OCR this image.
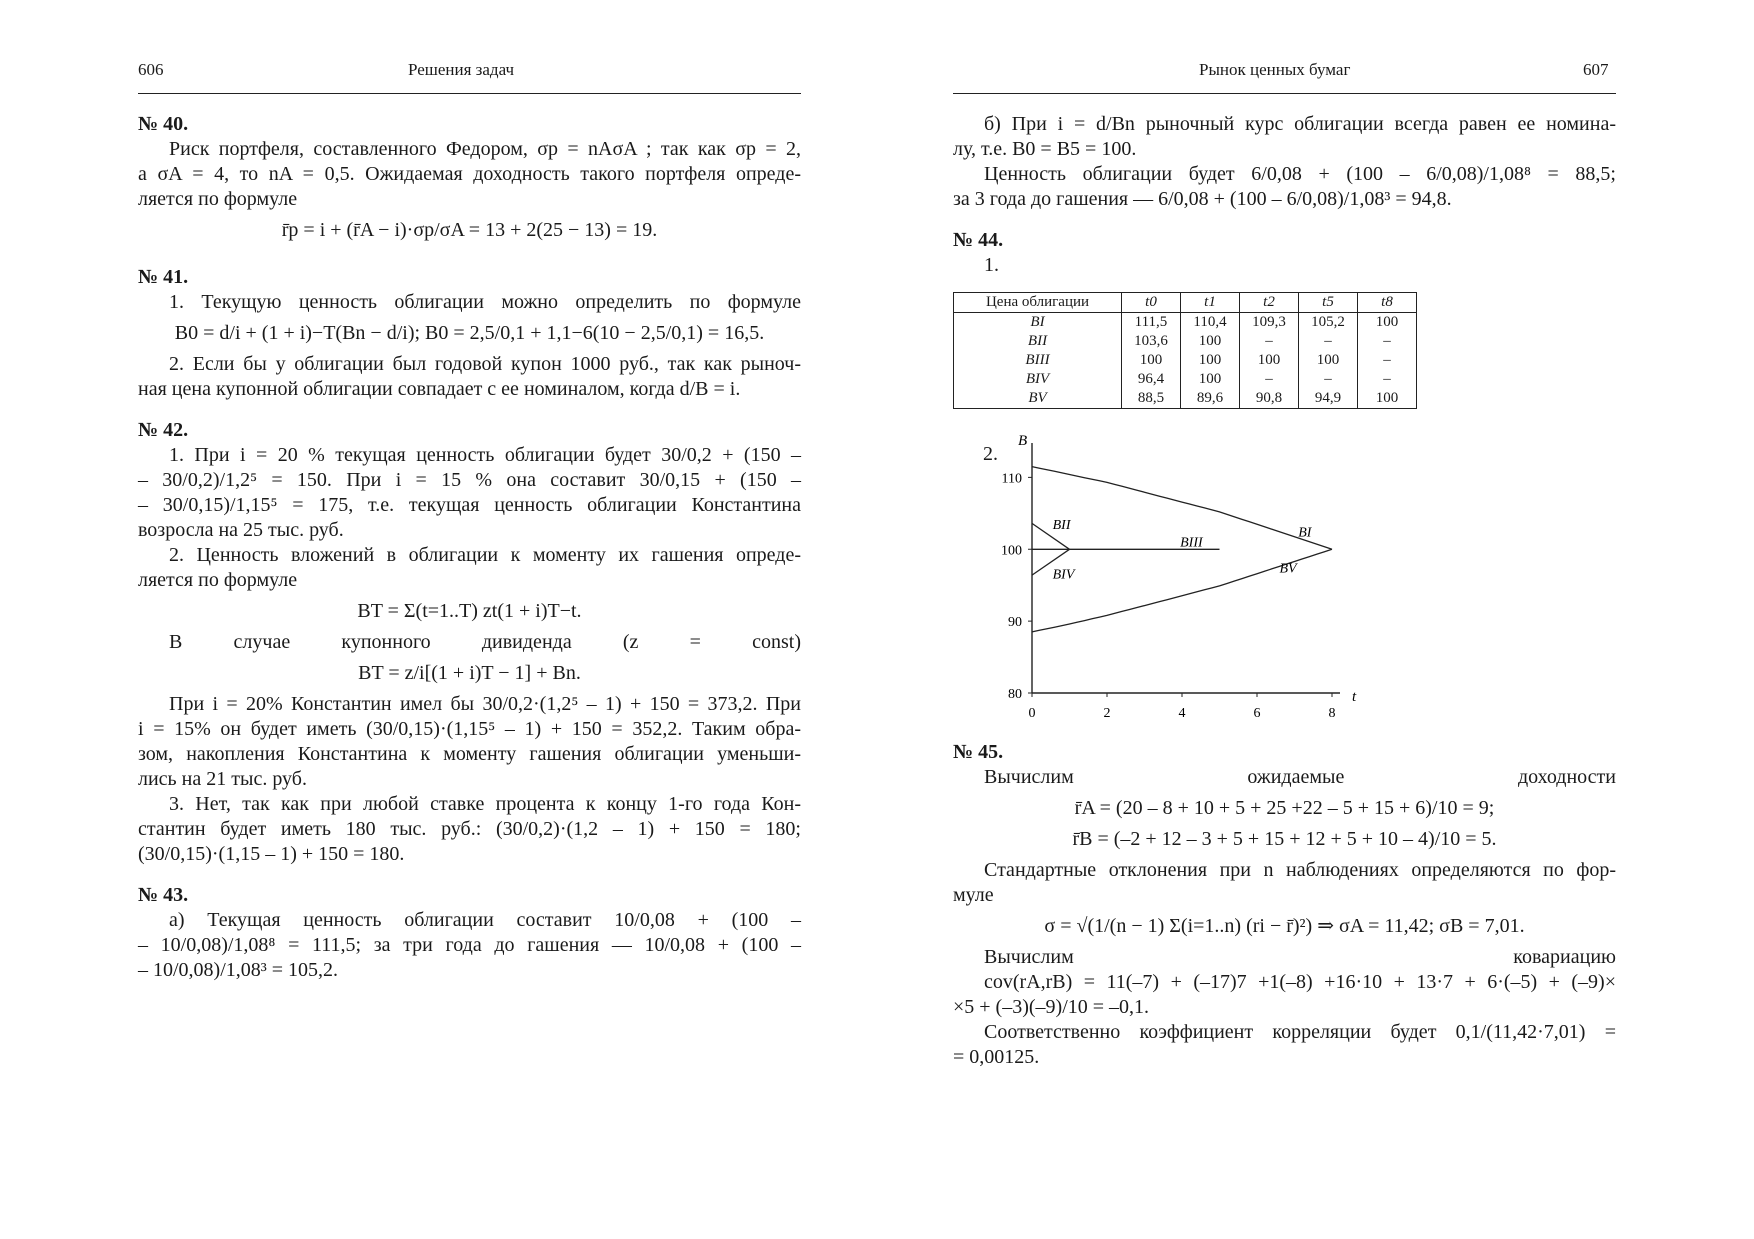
606	Решения задач
№ 40.
Риск портфеля, составленного Федором, σp = nAσA ; так как σp = 2,
а σA = 4, то nA = 0,5. Ожидаемая доходность такого портфеля опреде-
ляется по формуле
r̄p = i + (r̄A − i)·σp/σA = 13 + 2(25 − 13) = 19.
№ 41.
1. Текущую ценность облигации можно определить по формуле
B0 = d/i + (1 + i)−T(Bn − d/i); B0 = 2,5/0,1 + 1,1−6(10 − 2,5/0,1) = 16,5.
2. Если бы у облигации был годовой купон 1000 руб., так как рыноч-
ная цена купонной облигации совпадает с ее номиналом, когда d/B = i.
№ 42.
1. При i = 20 % текущая ценность облигации будет 30/0,2 + (150 –
– 30/0,2)/1,2⁵ = 150. При i = 15 % она составит 30/0,15 + (150 –
– 30/0,15)/1,15⁵ = 175, т.е. текущая ценность облигации Константина
возросла на 25 тыс. руб.
2. Ценность вложений в облигации к моменту их гашения опреде-
ляется по формуле
BT = Σ(t=1..T) zt(1 + i)T−t.
В случае купонного дивиденда (z = const)
BT = z/i[(1 + i)T − 1] + Bn.
При i = 20% Константин имел бы 30/0,2·(1,2⁵ – 1) + 150 = 373,2. При
i = 15% он будет иметь (30/0,15)·(1,15⁵ – 1) + 150 = 352,2. Таким обра-
зом, накопления Константина к моменту гашения облигации уменьши-
лись на 21 тыс. руб.
3. Нет, так как при любой ставке процента к концу 1-го года Кон-
стантин будет иметь 180 тыс. руб.: (30/0,2)·(1,2 – 1) + 150 = 180;
(30/0,15)·(1,15 – 1) + 150 = 180.
№ 43.
а) Текущая ценность облигации составит 10/0,08 + (100 –
– 10/0,08)/1,08⁸ = 111,5; за три года до гашения — 10/0,08 + (100 –
– 10/0,08)/1,08³ = 105,2.
Рынок ценных бумаг	607
б) При i = d/Bn рыночный курс облигации всегда равен ее номина-
лу, т.е. B0 = B5 = 100.
Ценность облигации будет 6/0,08 + (100 – 6/0,08)/1,08⁸ = 88,5;
за 3 года до гашения — 6/0,08 + (100 – 6/0,08)/1,08³ = 94,8.
№ 44.
1.
Цена облигации	t0	t1	t2	t5	t8
BI	111,5	110,4	109,3	105,2	100
BII	103,6	100	–	–	–
BIII	100	100	100	100	–
BIV	96,4	100	–	–	–
BV	88,5	89,6	90,8	94,9	100
2.
B
t
80
90
100
110
0	2	4	6	8
BI
BII
BIII
BIV	BV
№ 45.
Вычислим ожидаемые доходности
r̄A = (20 – 8 + 10 + 5 + 25 +22 – 5 + 15 + 6)/10 = 9;
r̄B = (–2 + 12 – 3 + 5 + 15 + 12 + 5 + 10 – 4)/10 = 5.
Стандартные отклонения при n наблюдениях определяются по фор-
муле
σ = √(1/(n − 1) Σ(i=1..n) (ri − r̄)²) ⇒ σA = 11,42; σB = 7,01.
Вычислим ковариацию
cov(rA,rB) = 11(–7) + (–17)7 +1(–8) +16·10 + 13·7 + 6·(–5) + (–9)×
×5 + (–3)(–9)/10 = –0,1.
Соответственно коэффициент корреляции будет 0,1/(11,42·7,01) =
= 0,00125.
